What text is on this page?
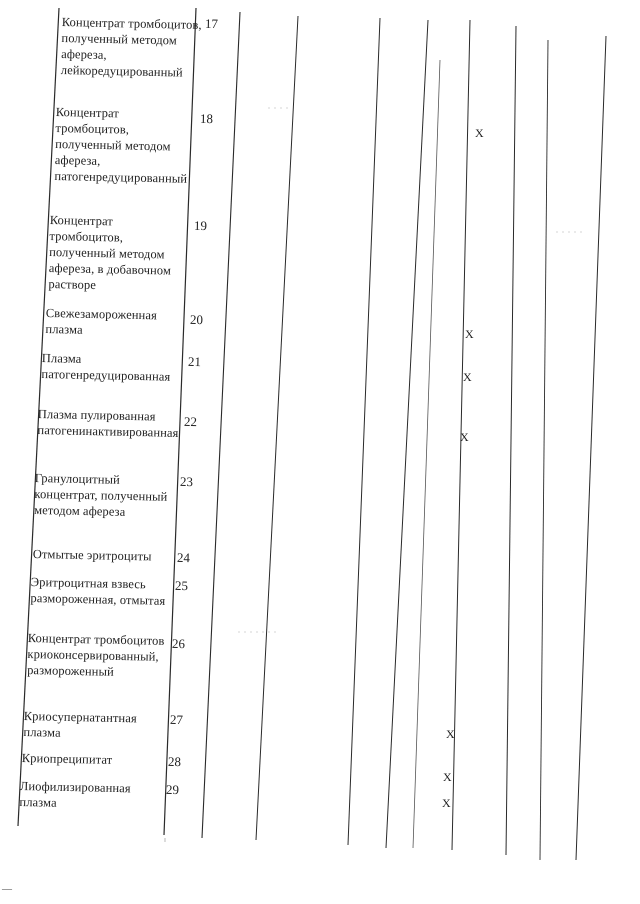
Концентрат тромбоцитов, полученный методом афереза, лейкоредуцированный
17
Концентрат тромбоцитов, полученный методом афереза, патогенредуцированный
18
X
Концентрат тромбоцитов, полученный методом афереза, в добавочном растворе
19
Свежезамороженная плазма
20
X
Плазма патогенредуцированная
21
X
Плазма пулированная патогенинактивированная
22
X
Гранулоцитный концентрат, полученный методом афереза
23
Отмытые эритроциты	24
Эритроцитная взвесь размороженная, отмытая
25
Концентрат тромбоцитов криоконсервированный, размороженный
26
Криосупернатантная плазма
27
X
Криопреципитат	28
X
Лиофилизированная плазма
29
X
—
